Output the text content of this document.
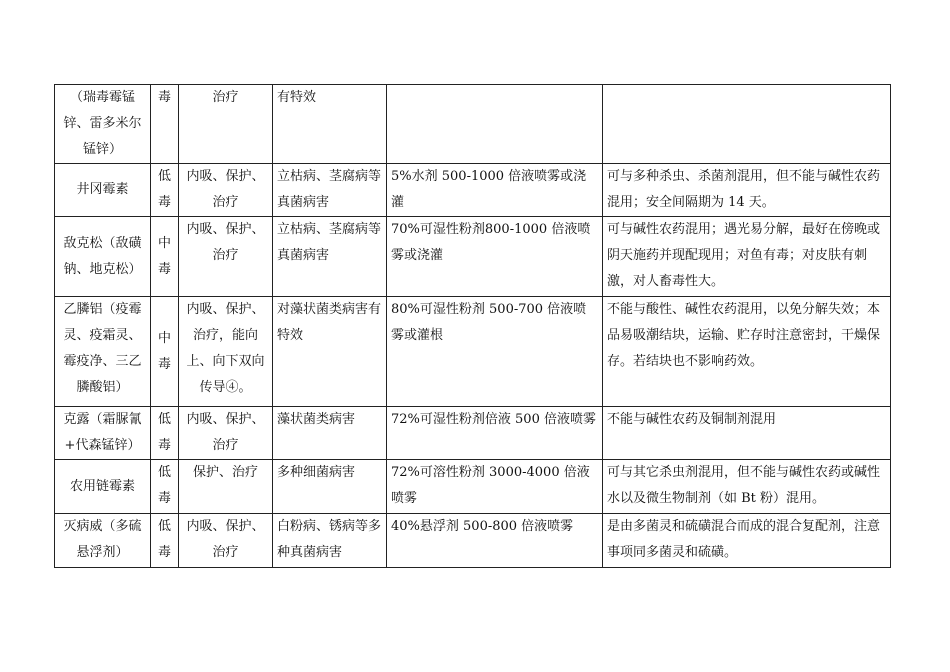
（瑞毒霉锰锌、雷多米尔锰锌）	毒	治疗	有特效		
井冈霉素	低毒	内吸、保护、治疗	立枯病、茎腐病等真菌病害	5%水剂 500-1000 倍液喷雾或浇灌	可与多种杀虫、杀菌剂混用，但不能与碱性农药混用；安全间隔期为 14 天。
敌克松（敌磺钠、地克松）	中毒	内吸、保护、治疗	立枯病、茎腐病等真菌病害	70%可湿性粉剂800-1000 倍液喷雾或浇灌	可与碱性农药混用；遇光易分解，最好在傍晚或阴天施药并现配现用；对鱼有毒；对皮肤有刺激，对人畜毒性大。
乙膦铝（疫霉灵、疫霜灵、霉疫净、三乙膦酸铝）	中毒	内吸、保护、治疗，能向上、向下双向传导④。	对藻状菌类病害有特效	80%可湿性粉剂 500-700 倍液喷雾或灌根	不能与酸性、碱性农药混用，以免分解失效；本品易吸潮结块，运输、贮存时注意密封，干燥保存。若结块也不影响药效。
克露（霜脲氰+代森锰锌）	低毒	内吸、保护、治疗	藻状菌类病害	72%可湿性粉剂倍液 500 倍液喷雾	不能与碱性农药及铜制剂混用
农用链霉素	低毒	保护、治疗	多种细菌病害	72%可溶性粉剂 3000-4000 倍液喷雾	可与其它杀虫剂混用，但不能与碱性农药或碱性水以及微生物制剂（如 Bt 粉）混用。
灭病威（多硫悬浮剂）	低毒	内吸、保护、治疗	白粉病、锈病等多种真菌病害	40%悬浮剂 500-800 倍液喷雾	是由多菌灵和硫磺混合而成的混合复配剂，注意事项同多菌灵和硫磺。
